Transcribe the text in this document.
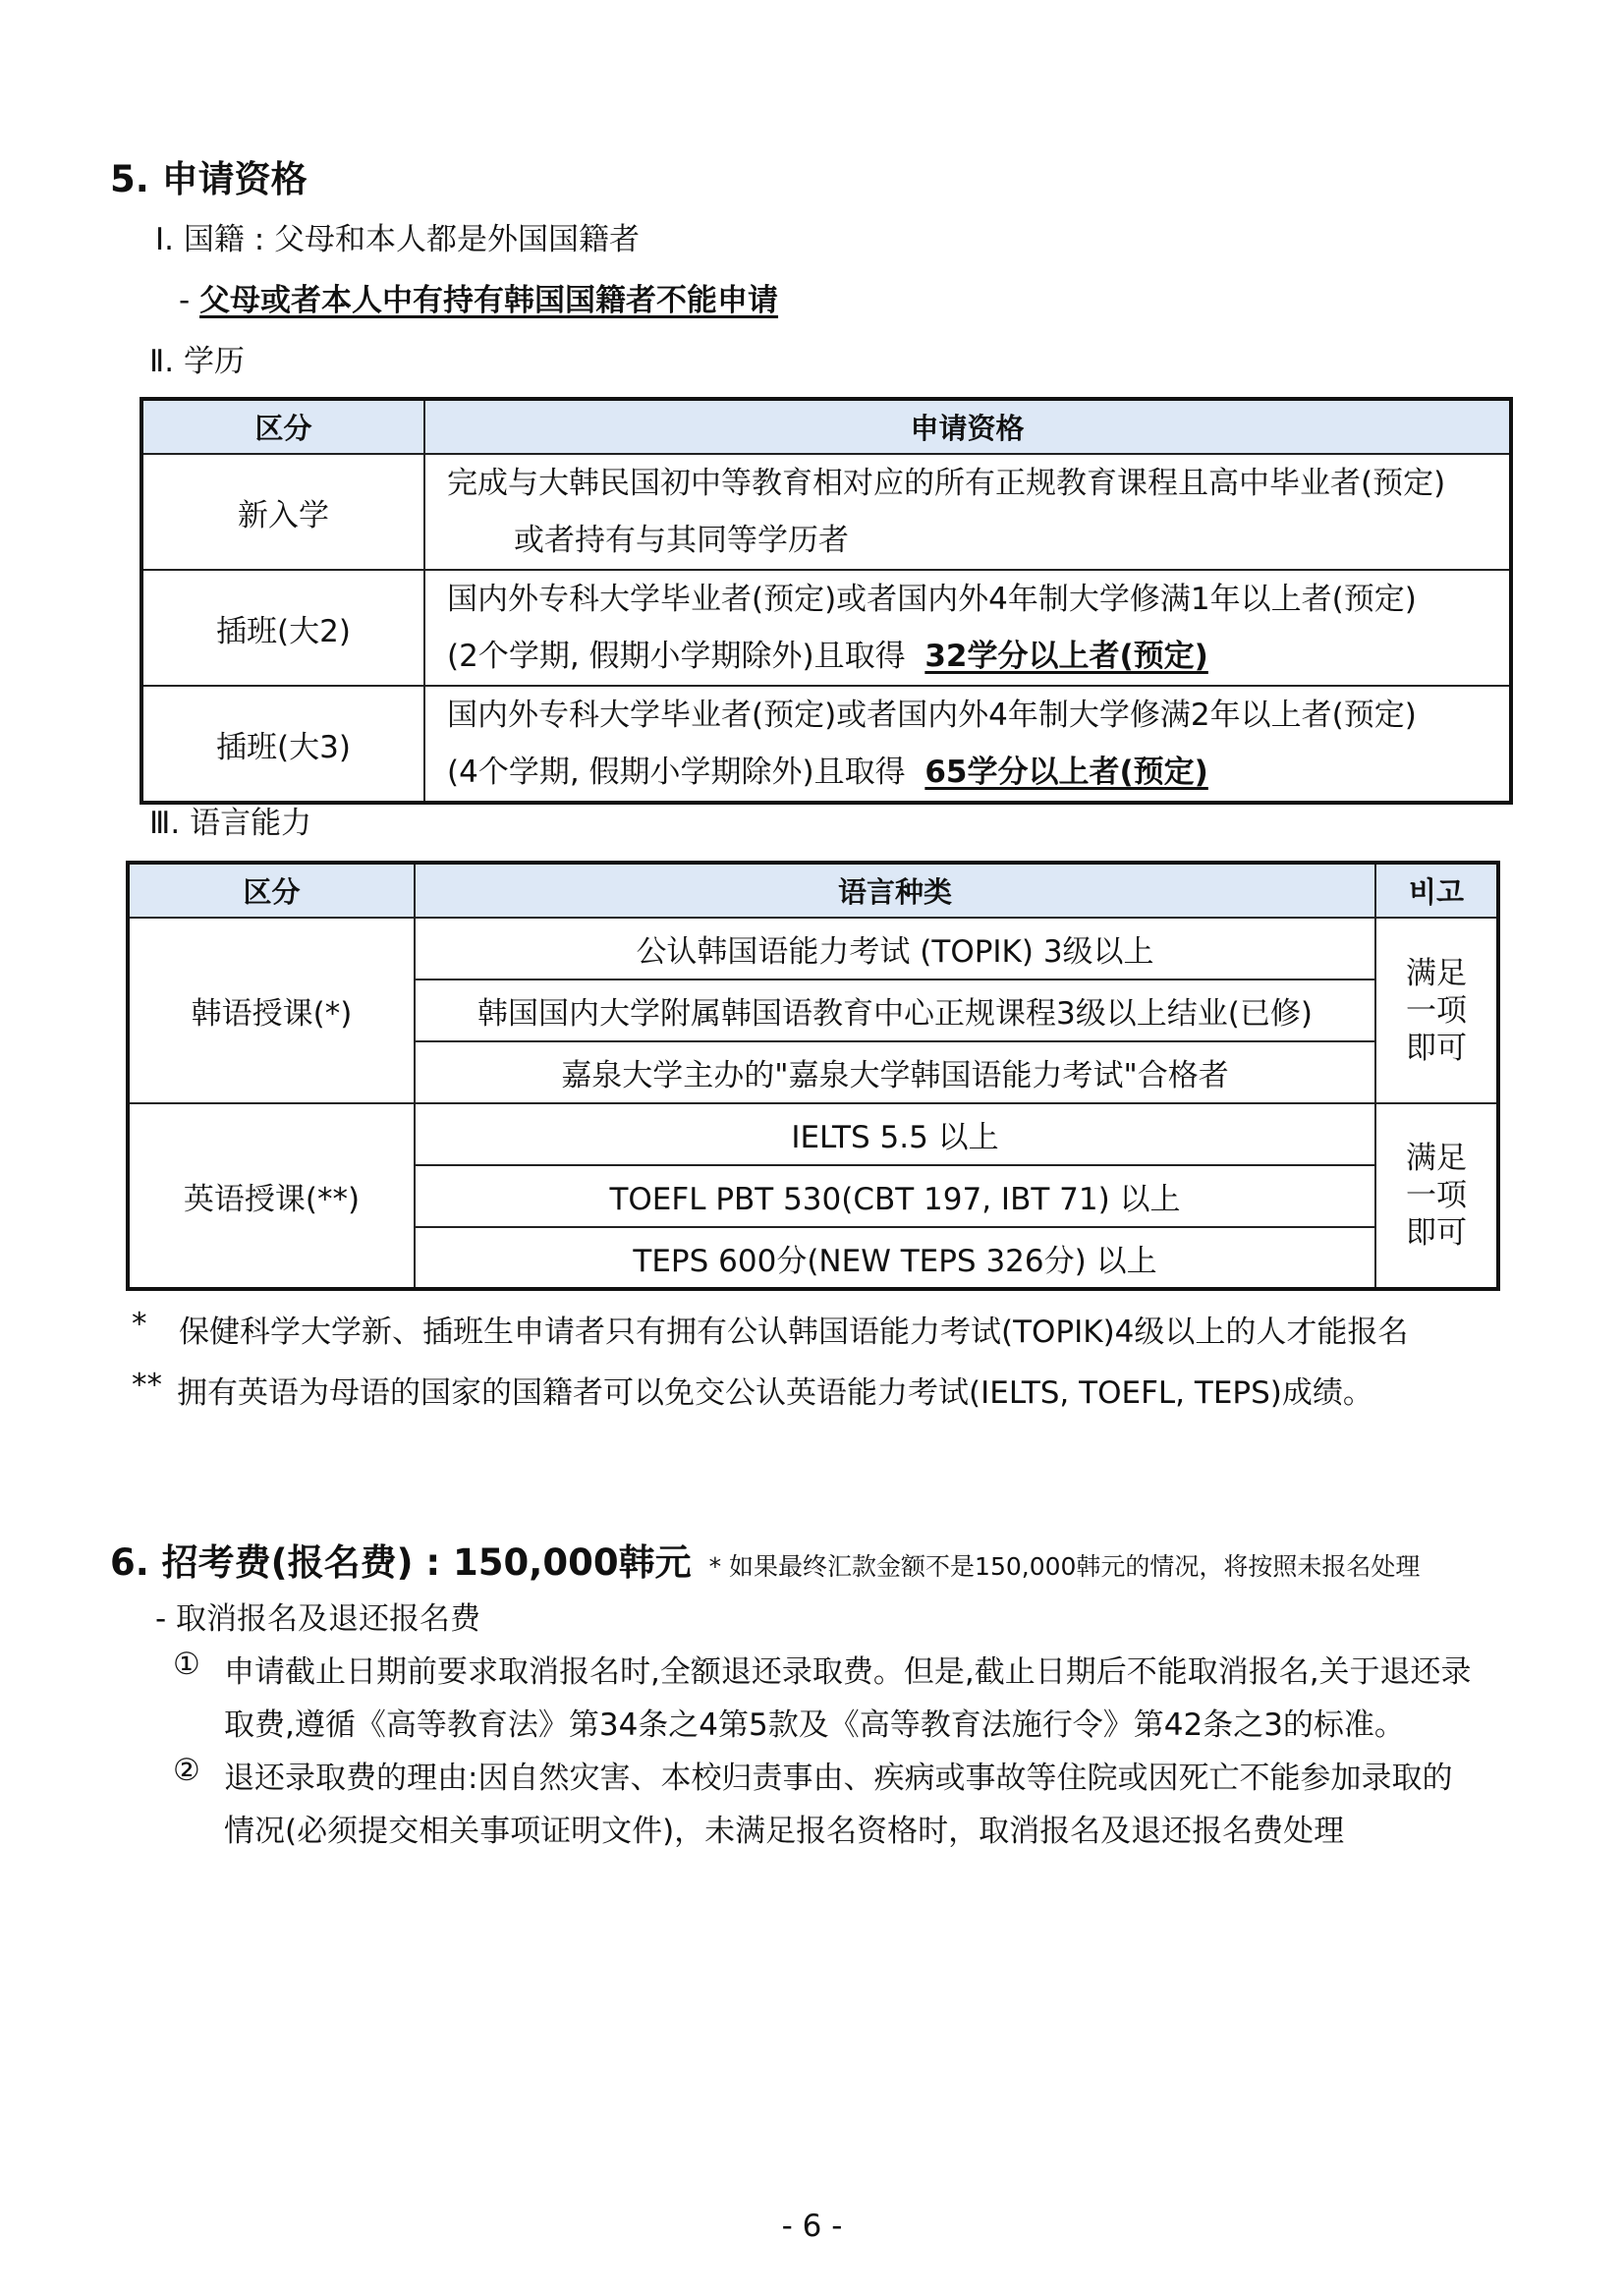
5. 申请资格
Ⅰ. 国籍 : 父母和本人都是外国国籍者
- 父母或者本人中有持有韩国国籍者不能申请
Ⅱ. 学历
区分	申请资格
新入学	完成与大韩民国初中等教育相对应的所有正规教育课程且高中毕业者(预定)
或者持有与其同等学历者

插班(大2)	国内外专科大学毕业者(预定)或者国内外4年制大学修满1年以上者(预定)
(2个学期, 假期小学期除外)且取得 32学分以上者(预定)

插班(大3)	国内外专科大学毕业者(预定)或者国内外4年制大学修满2年以上者(预定)
(4个学期, 假期小学期除外)且取得 65学分以上者(预定)
Ⅲ. 语言能力
区分	语言种类	비고
韩语授课(*)	公认韩国语能力考试 (TOPIK) 3级以上	满足
一项
即可

	韩国国内大学附属韩国语教育中心正规课程3级以上结业(已修)	
	嘉泉大学主办的"嘉泉大学韩国语能力考试"合格者	
英语授课(**)	IELTS 5.5 以上	满足
一项
即可

	TOEFL PBT 530(CBT 197, IBT 71) 以上	
	TEPS 600分(NEW TEPS 326分) 以上	
* 保健科学大学新、插班生申请者只有拥有公认韩国语能力考试(TOPIK)4级以上的人才能报名
** 拥有英语为母语的国家的国籍者可以免交公认英语能力考试(IELTS, TOEFL, TEPS)成绩。
6. 招考费(报名费) : 150,000韩元 * 如果最终汇款金额不是150,000韩元的情况，将按照未报名处理
- 取消报名及退还报名费
① 申请截止日期前要求取消报名时,全额退还录取费。但是,截止日期后不能取消报名,关于退还录
取费,遵循《高等教育法》第34条之4第5款及《高等教育法施行令》第42条之3的标准。
② 退还录取费的理由:因自然灾害、本校归责事由、疾病或事故等住院或因死亡不能参加录取的
情况(必须提交相关事项证明文件)，未满足报名资格时，取消报名及退还报名费处理
- 6 -
